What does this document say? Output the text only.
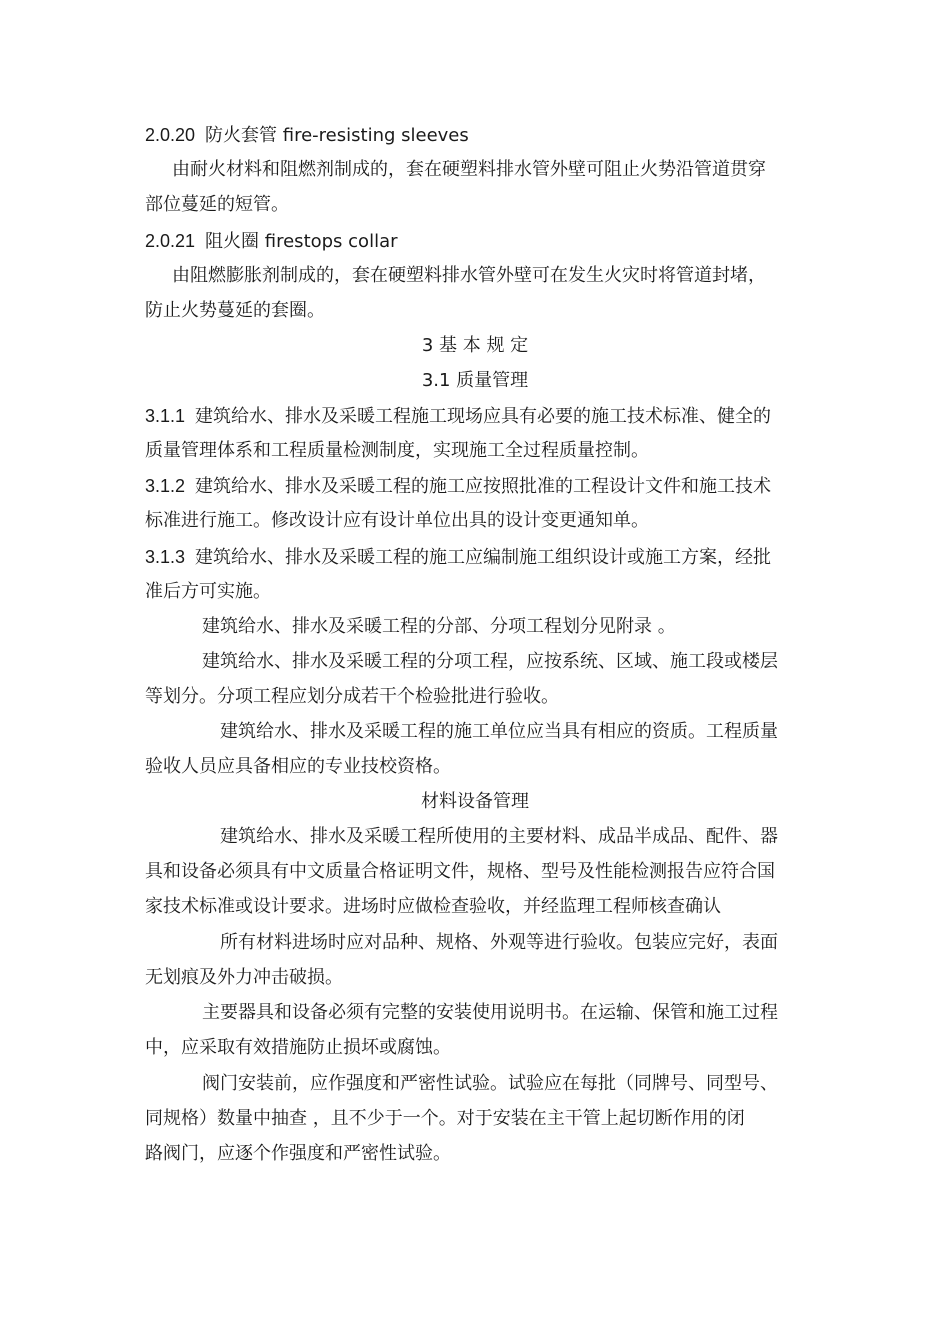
2.0.20 防火套管 fire-resisting sleeves
由耐火材料和阻燃剂制成的，套在硬塑料排水管外壁可阻止火势沿管道贯穿
部位蔓延的短管。
2.0.21 阻火圈 firestops collar
由阻燃膨胀剂制成的，套在硬塑料排水管外壁可在发生火灾时将管道封堵，
防止火势蔓延的套圈。
3 基 本 规 定
3.1 质量管理
3.1.1 建筑给水、排水及采暖工程施工现场应具有必要的施工技术标准、健全的
质量管理体系和工程质量检测制度，实现施工全过程质量控制。
3.1.2 建筑给水、排水及采暖工程的施工应按照批准的工程设计文件和施工技术
标准进行施工。修改设计应有设计单位出具的设计变更通知单。
3.1.3 建筑给水、排水及采暖工程的施工应编制施工组织设计或施工方案，经批
准后方可实施。
建筑给水、排水及采暖工程的分部、分项工程划分见附录 。
建筑给水、排水及采暖工程的分项工程，应按系统、区域、施工段或楼层
等划分。分项工程应划分成若干个检验批进行验收。
建筑给水、排水及采暖工程的施工单位应当具有相应的资质。工程质量
验收人员应具备相应的专业技校资格。
材料设备管理
建筑给水、排水及采暖工程所使用的主要材料、成品半成品、配件、器
具和设备必须具有中文质量合格证明文件，规格、型号及性能检测报告应符合国
家技术标准或设计要求。进场时应做检查验收，并经监理工程师核查确认
所有材料进场时应对品种、规格、外观等进行验收。包装应完好，表面
无划痕及外力冲击破损。
主要器具和设备必须有完整的安装使用说明书。在运输、保管和施工过程
中，应采取有效措施防止损坏或腐蚀。
阀门安装前，应作强度和严密性试验。试验应在每批（同牌号、同型号、
同规格）数量中抽查 ，且不少于一个。对于安装在主干管上起切断作用的闭
路阀门，应逐个作强度和严密性试验。
